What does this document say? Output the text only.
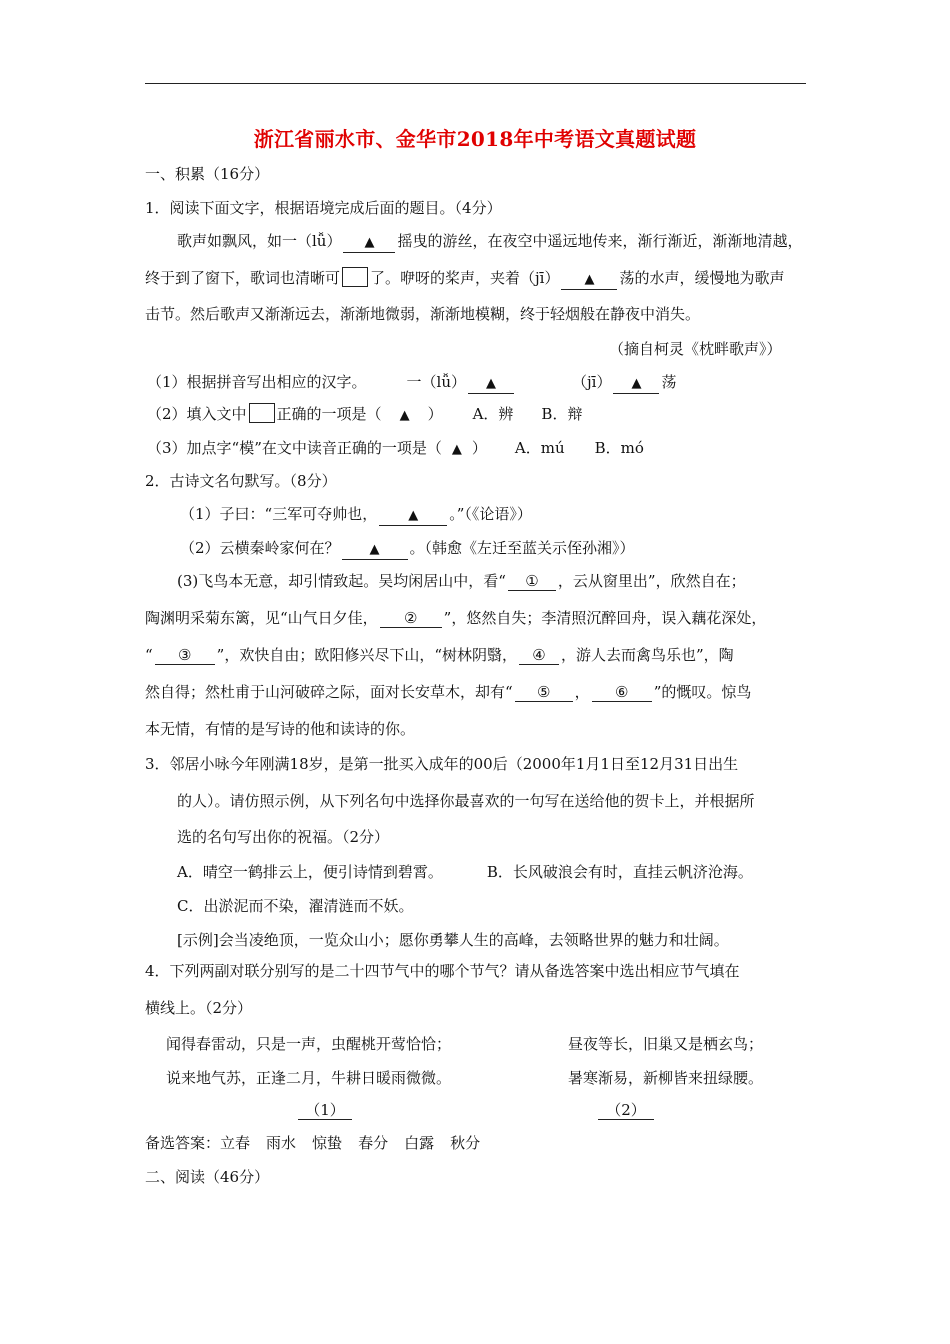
浙江省丽水市、金华市2018年中考语文真题试题
一、积累（16分）
1．阅读下面文字，根据语境完成后面的题目。（4分）
歌声如飘风，如一（lǚ） ▲ 摇曳的游丝，在夜空中遥远地传来，渐行渐近，渐渐地清越，
终于到了窗下，歌词也清晰可 了。咿呀的桨声，夹着（jī） ▲ 荡的水声，缓慢地为歌声
击节。然后歌声又渐渐远去，渐渐地微弱，渐渐地模糊，终于轻烟般在静夜中消失。
（摘自柯灵《枕畔歌声》）
（1）根据拼音写出相应的汉字。	一（lǚ） ▲	（jī） ▲ 荡
（2）填入文中 正确的一项是（ ▲ ） A．辨 B．辩
（3）加点字“模”在文中读音正确的一项是（ ▲ ） A．mú B．mó
2．古诗文名句默写。（8分）
（1）子曰：“三军可夺帅也， ▲ 。”（《论语》）
（2）云横秦岭家何在？ ▲ 。（韩愈《左迁至蓝关示侄孙湘》）
(3)飞鸟本无意，却引情致起。吴均闲居山中，看“ ① ，云从窗里出”，欣然自在；
陶渊明采菊东篱，见“山气日夕佳， ② ”，悠然自失；李清照沉醉回舟，误入藕花深处，
“ ③ ”，欢快自由；欧阳修兴尽下山，“树林阴翳， ④ ，游人去而禽鸟乐也”，陶
然自得；然杜甫于山河破碎之际，面对长安草木，却有“ ⑤ ， ⑥ ”的慨叹。惊鸟
本无情，有情的是写诗的他和读诗的你。
3．邻居小咏今年刚满18岁，是第一批买入成年的00后（2000年1月1日至12月31日出生
的人）。请仿照示例，从下列名句中选择你最喜欢的一句写在送给他的贺卡上，并根据所
选的名句写出你的祝福。（2分）
A．晴空一鹤排云上，便引诗情到碧霄。	B．长风破浪会有时，直挂云帆济沧海。
C．出淤泥而不染，濯清涟而不妖。
[示例]会当凌绝顶，一览众山小；愿你勇攀人生的高峰，去领略世界的魅力和壮阔。
4．下列两副对联分别写的是二十四节气中的哪个节气？请从备选答案中选出相应节气填在
横线上。（2分）
闻得春雷动，只是一声，虫醒桃开莺恰恰；	昼夜等长，旧巢又是栖玄鸟；
说来地气苏，正逢二月，牛耕日暖雨微微。	暑寒渐易，新柳皆来扭绿腰。
（1）	（2）
备选答案：立春 雨水 惊蛰 春分 白露 秋分
二、阅读（46分）
